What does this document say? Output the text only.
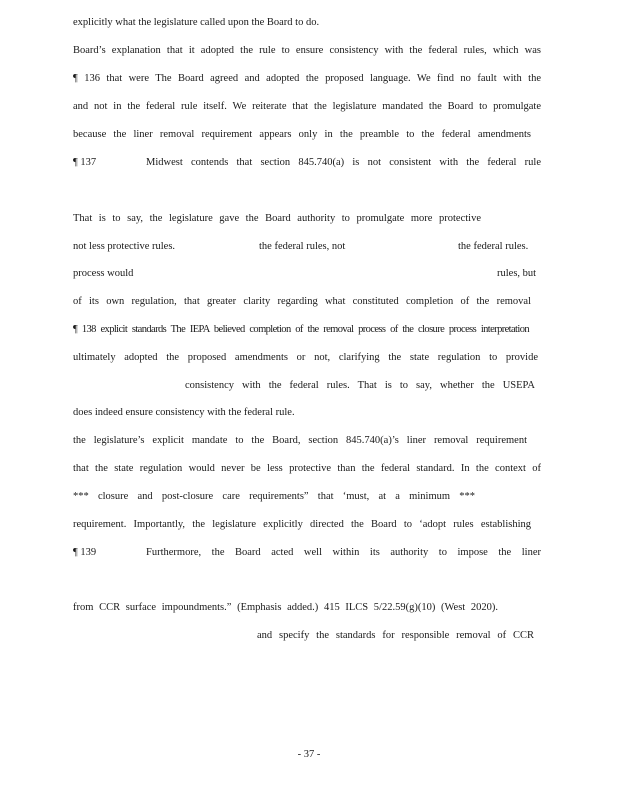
explicitly what the legislature called upon the Board to do.
Board’s explanation that it adopted the rule to ensure consistency with the federal rules, which was
¶ 136 that were The Board agreed and adopted the proposed language. We find no fault with the
and not in the federal rule itself. We reiterate that the legislature mandated the Board to promulgate
because the liner removal requirement appears only in the preamble to the federal amendments
¶ 137	Midwest contends that section 845.740(a) is not consistent with the federal rule
That is to say, the legislature gave the Board authority to promulgate more protective
not less protective rules.	the federal rules, not	the federal rules.
process would	rules, but
of its own regulation, that greater clarity regarding what constituted completion of the removal
¶ 138 explicit standards The IEPA believed completion of the removal process of the closure process interpretation
ultimately adopted the proposed amendments or not, clarifying the state regulation to provide
consistency with the federal rules. That is to say, whether the USEPA
does indeed ensure consistency with the federal rule.
the legislature’s explicit mandate to the Board, section 845.740(a)’s liner removal requirement
that the state regulation would never be less protective than the federal standard. In the context of
*** closure and post-closure care requirements” that ‘must, at a minimum ***
requirement. Importantly, the legislature explicitly directed the Board to ‘adopt rules establishing
¶ 139	Furthermore, the Board acted well within its authority to impose the liner
from CCR surface impoundments.” (Emphasis added.) 415 ILCS 5/22.59(g)(10) (West 2020).
and specify the standards for responsible removal of CCR
- 37 -
